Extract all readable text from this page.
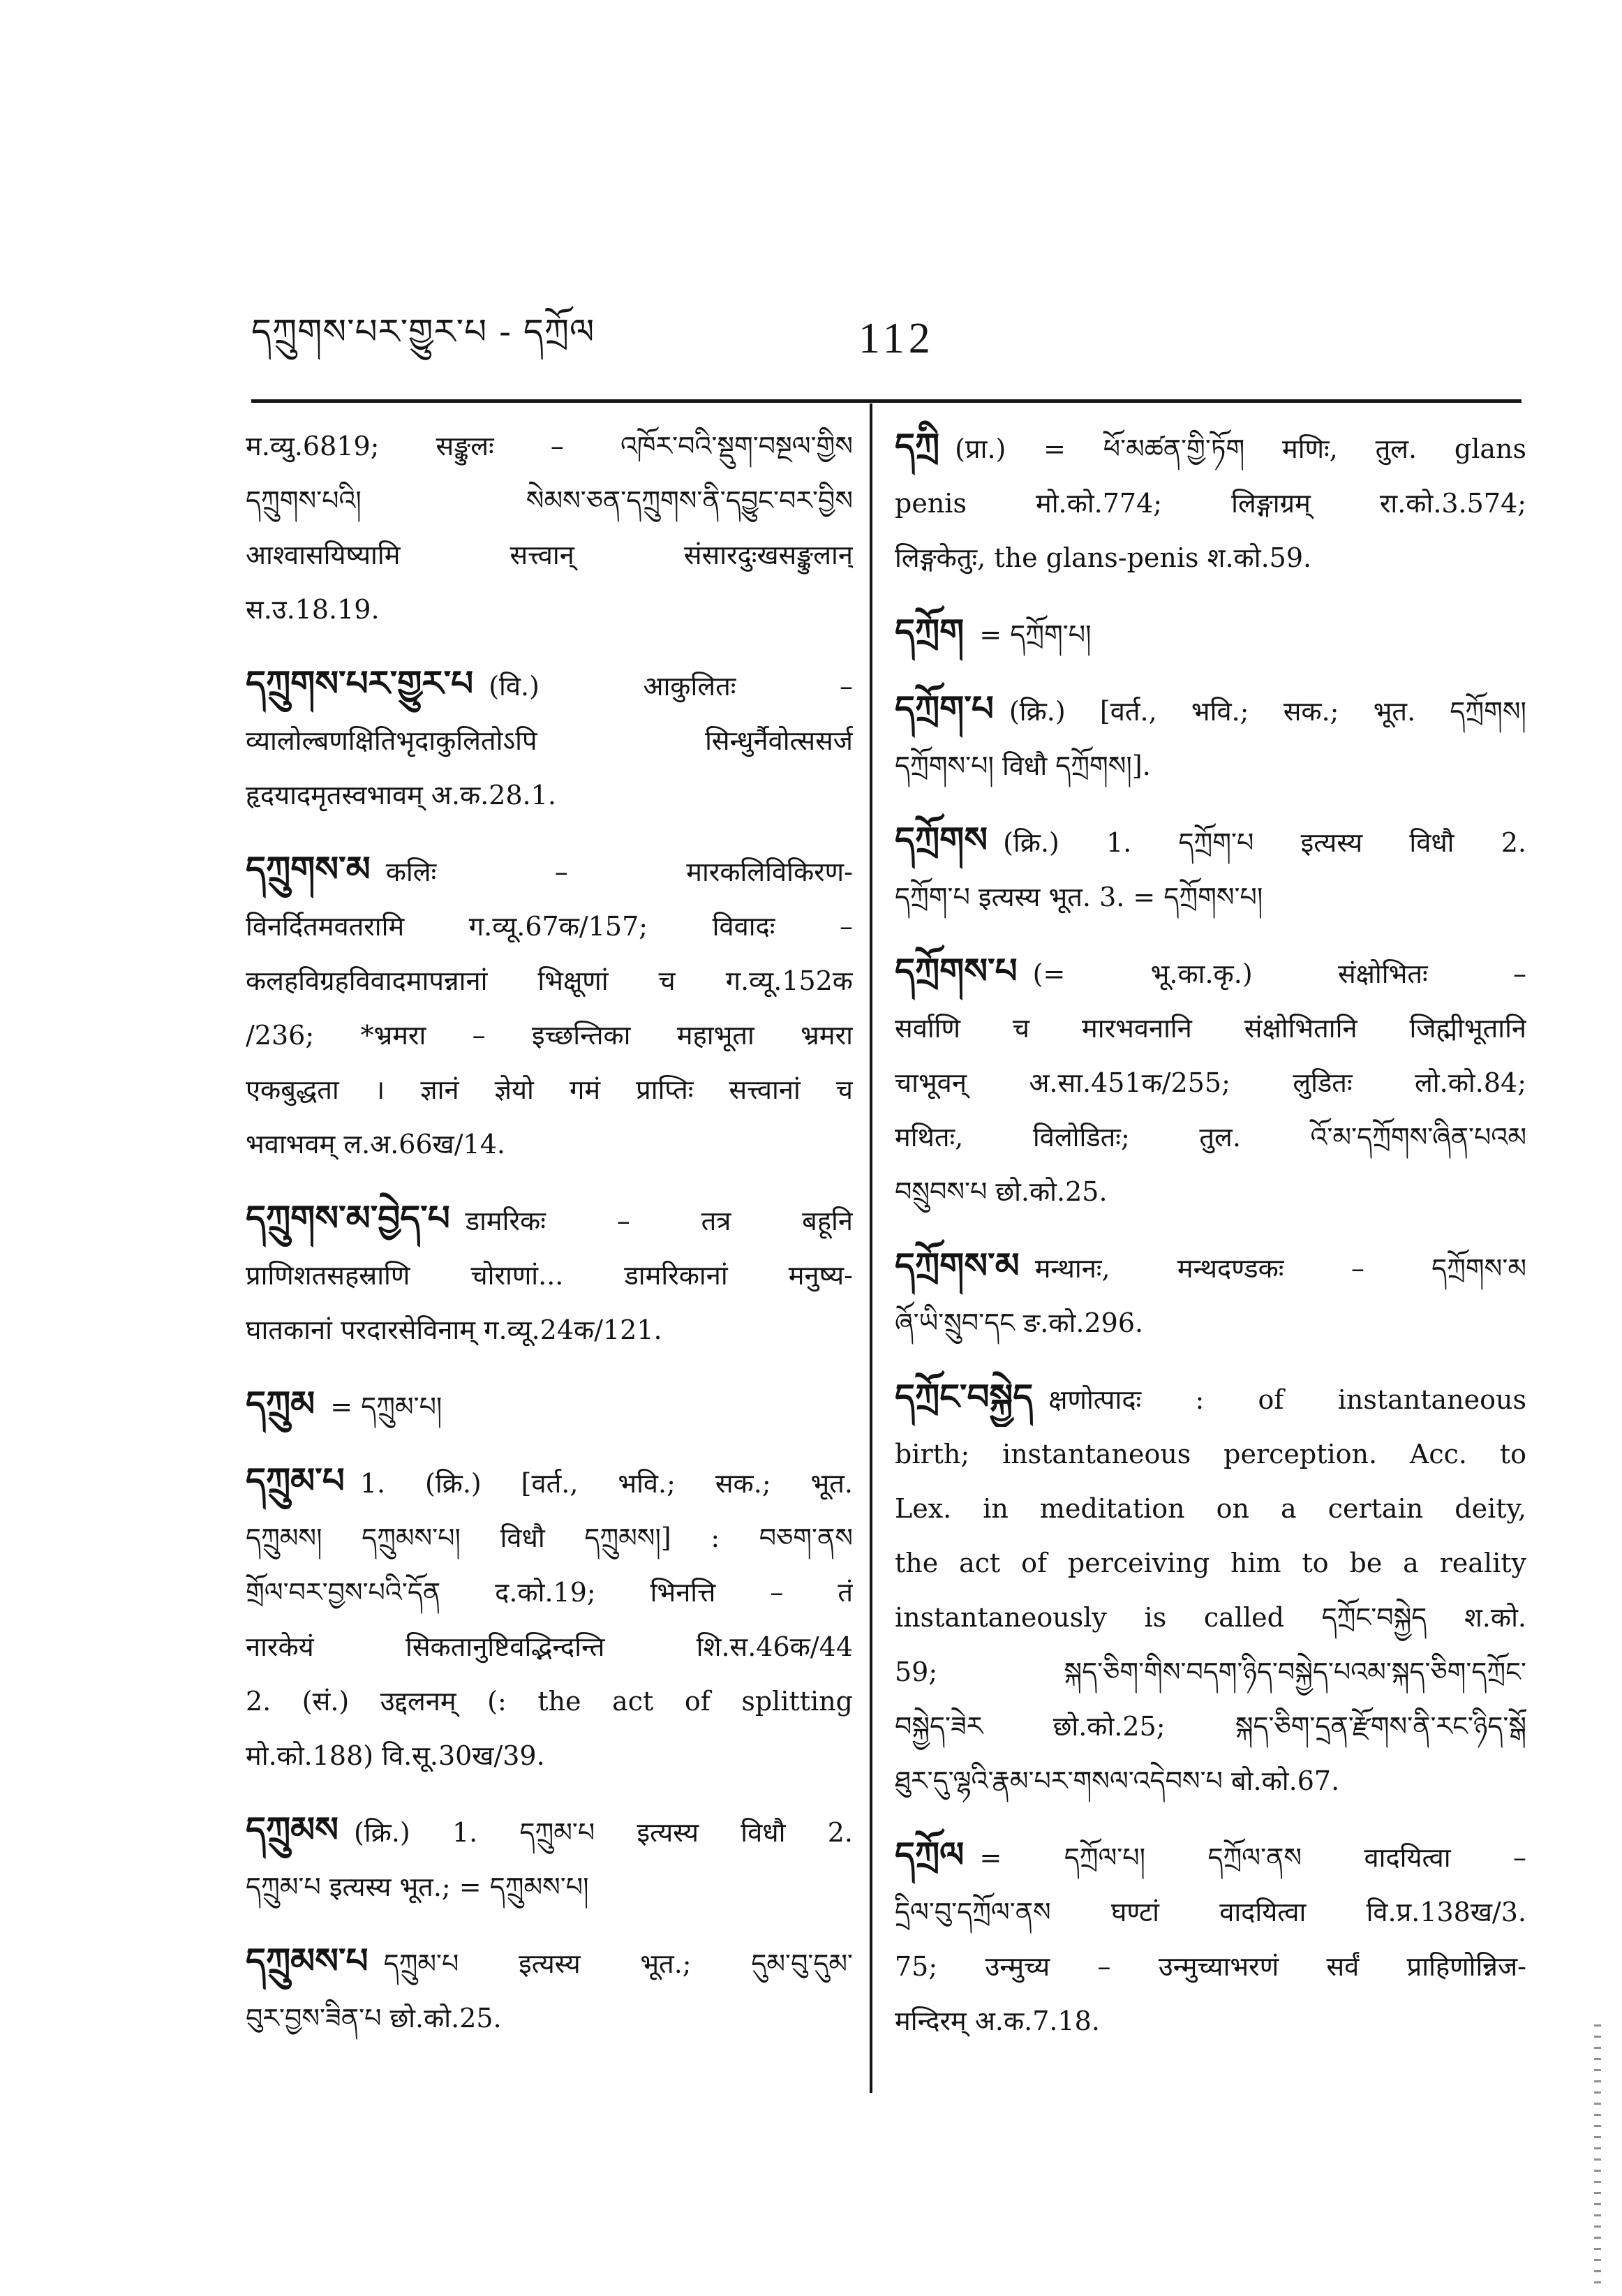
དཀྲུགས་པར་གྱུར་པ - དཀྲོལ	112
म.व्यु.6819; सङ्कुलः – འཁོར་བའི་སྡུག་བསྔལ་གྱིས
དཀྲུགས་པའི། སེམས་ཅན་དཀྲུགས་ནི་དབྱུང་བར་བྱིས
आश्वासयिष्यामि सत्त्वान् संसारदुःखसङ्कुलान्
स.उ.18.19.
དཀྲུགས་པར་གྱུར་པ (वि.) आकुलितः –
व्यालोल्बणक्षितिभृदाकुलितोऽपि सिन्धुर्नैवोत्ससर्ज
हृदयादमृतस्वभावम् अ.क.28.1.
དཀྲུགས་མ कलिः – मारकलिविकिरण-
विनर्दितमवतरामि ग.व्यू.67क/157; विवादः –
कलहविग्रहविवादमापन्नानां भिक्षूणां च ग.व्यू.152क
/236; *भ्रमरा – इच्छन्तिका महाभूता भ्रमरा
एकबुद्धता । ज्ञानं ज्ञेयो गमं प्राप्तिः सत्त्वानां च
भवाभवम् ल.अ.66ख/14.
དཀྲུགས་མ་བྱེད་པ डामरिकः – तत्र बहूनि
प्राणिशतसहस्राणि चोराणां... डामरिकानां मनुष्य-
घातकानां परदारसेविनाम् ग.व्यू.24क/121.
དཀྲུམ = དཀྲུམ་པ།
དཀྲུམ་པ 1. (क्रि.) [वर्त., भवि.; सक.; भूत.
དཀྲུམས། དཀྲུམས་པ། विधौ དཀྲུམས།] : བཅག་ནས
གྲོལ་བར་བྱས་པའི་དོན द.को.19; भिनत्ति – तं
नारकेयं सिकतानुष्टिवद्भिन्दन्ति शि.स.46क/44
2. (सं.) उद्दलनम् (: the act of splitting
मो.को.188) वि.सू.30ख/39.
དཀྲུམས (क्रि.) 1. དཀྲུམ་པ इत्यस्य विधौ 2.
དཀྲུམ་པ इत्यस्य भूत.; = དཀྲུམས་པ།
དཀྲུམས་པ དཀྲུམ་པ इत्यस्य भूत.; དུམ་བུ་དུམ་
བུར་བྱས་ཟིན་པ छो.को.25.
དཀྲི (प्रा.) = ཕོ་མཚན་གྱི་ཏོག मणिः, तुल. glans
penis मो.को.774; लिङ्गाग्रम् रा.को.3.574;
लिङ्गकेतुः, the glans-penis श.को.59.
དཀྲོག = དཀྲོག་པ།
དཀྲོག་པ (क्रि.) [वर्त., भवि.; सक.; भूत. དཀྲོགས།
དཀྲོགས་པ། विधौ དཀྲོགས།].
དཀྲོགས (क्रि.) 1. དཀྲོག་པ इत्यस्य विधौ 2.
དཀྲོག་པ इत्यस्य भूत. 3. = དཀྲོགས་པ།
དཀྲོགས་པ (= भू.का.कृ.) संक्षोभितः –
सर्वाणि च मारभवनानि संक्षोभितानि जिह्मीभूतानि
चाभूवन् अ.सा.451क/255; लुडितः लो.को.84;
मथितः, विलोडितः; तुल. འོ་མ་དཀྲོགས་ཞིན་པའམ
བསྲུབས་པ छो.को.25.
དཀྲོགས་མ मन्थानः, मन्थदण्डकः – དཀྲོགས་མ
ཞོ་ཡི་སྲུབ་དང ङ.को.296.
དཀྲོང་བསྐྱེད क्षणोत्पादः : of instantaneous
birth; instantaneous perception. Acc. to
Lex. in meditation on a certain deity,
the act of perceiving him to be a reality
instantaneously is called དཀྲོང་བསྐྱེད श.को.
59; སྐད་ཅིག་གིས་བདག་ཉིད་བསྐྱེད་པའམ་སྐད་ཅིག་དཀྲོང་
བསྐྱེད་ཟེར छो.को.25; སྐད་ཅིག་དྲན་རྫོགས་ནི་རང་ཉིད་སྒོ
ཐུར་དུ་ལྷའི་རྣམ་པར་གསལ་འདེབས་པ बो.को.67.
དཀྲོལ = དཀྲོལ་པ། དཀྲོལ་ནས वादयित्वा –
དྲིལ་བུ་དཀྲོལ་ནས घण्टां वादयित्वा वि.प्र.138ख/3.
75; उन्मुच्य – उन्मुच्याभरणं सर्वं प्राहिणोन्निज-
मन्दिरम् अ.क.7.18.
